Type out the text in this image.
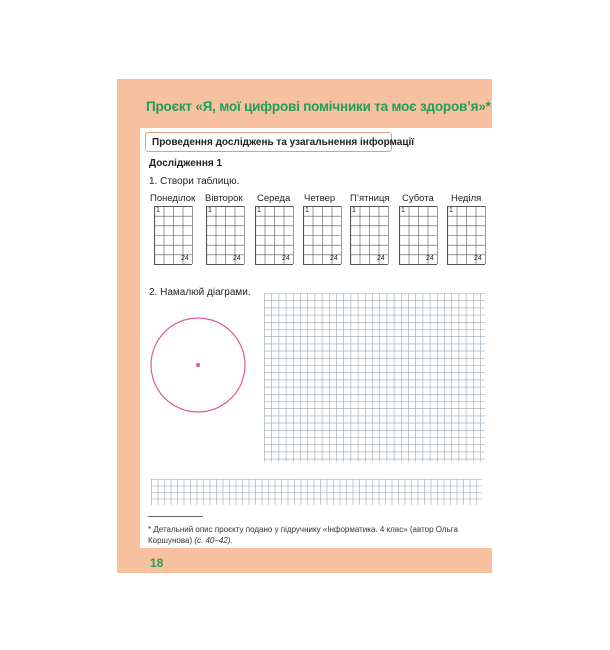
Проєкт «Я, мої цифрові помічники та моє здоров’я»*
Проведення досліджень та узагальнення інформації
Дослідження 1
1. Створи таблицю.
Понеділок Вівторок Середа Четвер П’ятниця Субота Неділя
1
24
1
24
1
24
1
24
1
24
1
24
1
24
2. Намалюй діаграми.
* Детальний опис проєкту подано у підручнику «Інформатика. 4 клас» (автор Ольга Коршунова) (с. 40–42).
18
